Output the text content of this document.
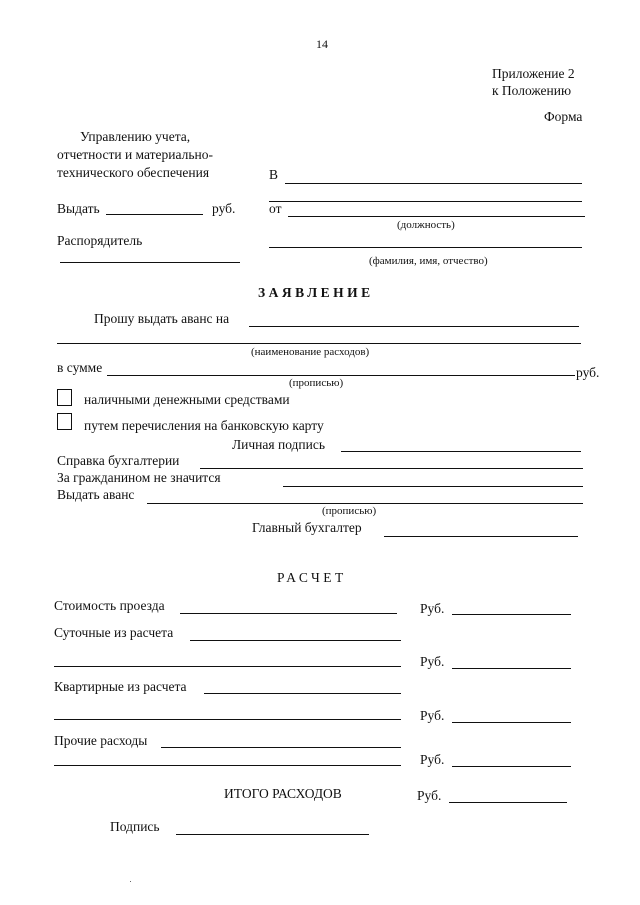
14
Приложение 2
к Положению
Форма
Управлению учета,
отчетности и материально-
технического обеспечения	В
Выдать	руб. от
(должность)
Распорядитель
(фамилия, имя, отчество)
ЗАЯВЛЕНИЕ
Прошу выдать аванс на
(наименование расходов)
в сумме	руб.
(прописью)
наличными денежными средствами
путем перечисления на банковскую карту
Личная подпись
Справка бухгалтерии
За гражданином не значится
Выдать аванс
(прописью)
Главный бухгалтер
РАСЧЕТ
Стоимость проезда	Руб.
Суточные из расчета
Руб.
Квартирные из расчета
Руб.
Прочие расходы
Руб.
ИТОГО РАСХОДОВ	Руб.
Подпись
